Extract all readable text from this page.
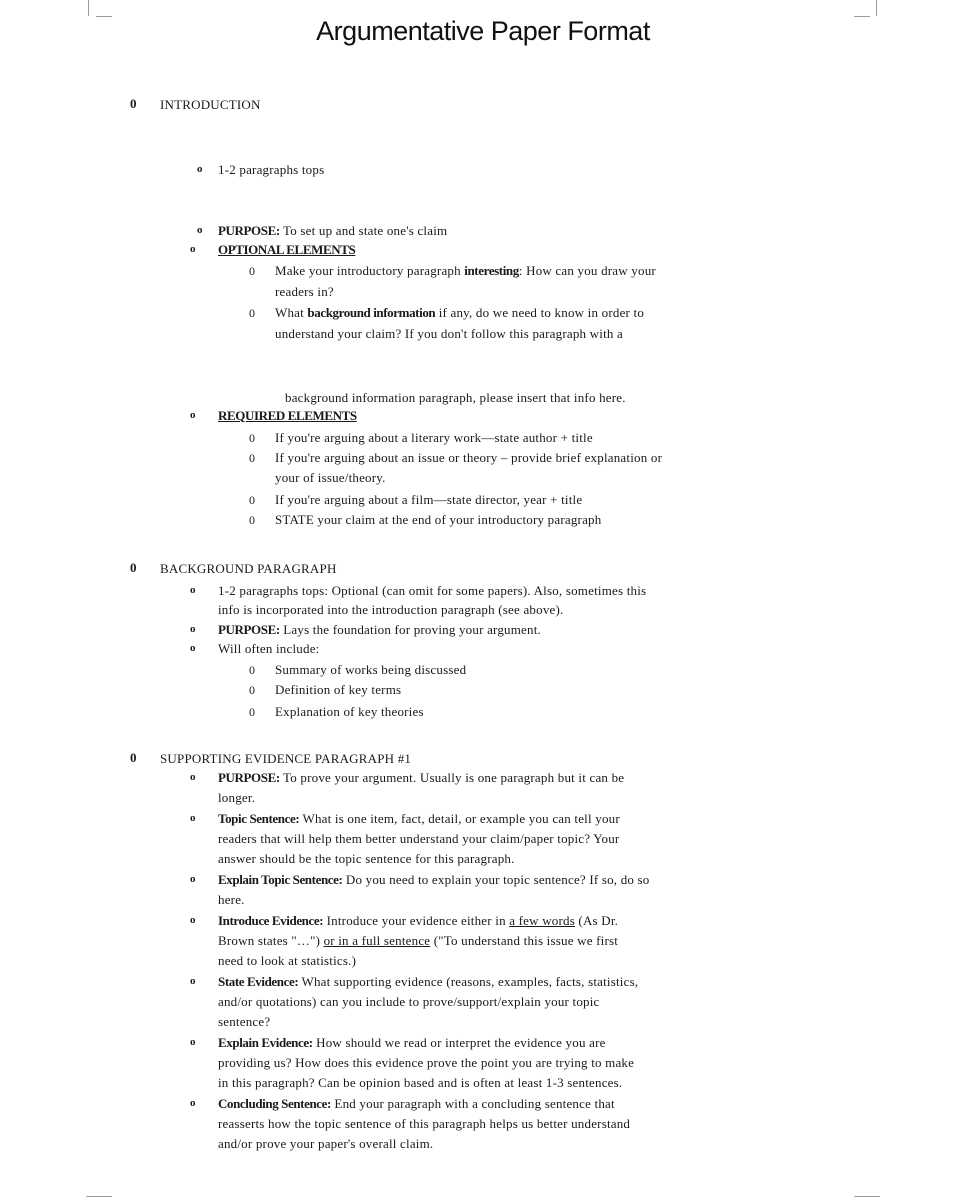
Argumentative Paper Format
0 INTRODUCTION
o 1-2 paragraphs tops
o PURPOSE: To set up and state one's claim
o OPTIONAL ELEMENTS
0 Make your introductory paragraph interesting: How can you draw your
readers in?
0 What background information if any, do we need to know in order to
understand your claim? If you don't follow this paragraph with a
background information paragraph, please insert that info here.
o REQUIRED ELEMENTS
0 If you're arguing about a literary work—state author + title
0 If you're arguing about an issue or theory – provide brief explanation or
your of issue/theory.
0 If you're arguing about a film—state director, year + title
0 STATE your claim at the end of your introductory paragraph
0 BACKGROUND PARAGRAPH
o 1-2 paragraphs tops: Optional (can omit for some papers). Also, sometimes this
info is incorporated into the introduction paragraph (see above).
o PURPOSE: Lays the foundation for proving your argument.
o Will often include:
0 Summary of works being discussed
0 Definition of key terms
0 Explanation of key theories
0 SUPPORTING EVIDENCE PARAGRAPH #1
o PURPOSE: To prove your argument. Usually is one paragraph but it can be
longer.
o Topic Sentence: What is one item, fact, detail, or example you can tell your
readers that will help them better understand your claim/paper topic? Your
answer should be the topic sentence for this paragraph.
o Explain Topic Sentence: Do you need to explain your topic sentence? If so, do so
here.
o Introduce Evidence: Introduce your evidence either in a few words (As Dr.
Brown states "…") or in a full sentence ("To understand this issue we first
need to look at statistics.)
o State Evidence: What supporting evidence (reasons, examples, facts, statistics,
and/or quotations) can you include to prove/support/explain your topic
sentence?
o Explain Evidence: How should we read or interpret the evidence you are
providing us? How does this evidence prove the point you are trying to make
in this paragraph? Can be opinion based and is often at least 1-3 sentences.
o Concluding Sentence: End your paragraph with a concluding sentence that
reasserts how the topic sentence of this paragraph helps us better understand
and/or prove your paper's overall claim.
